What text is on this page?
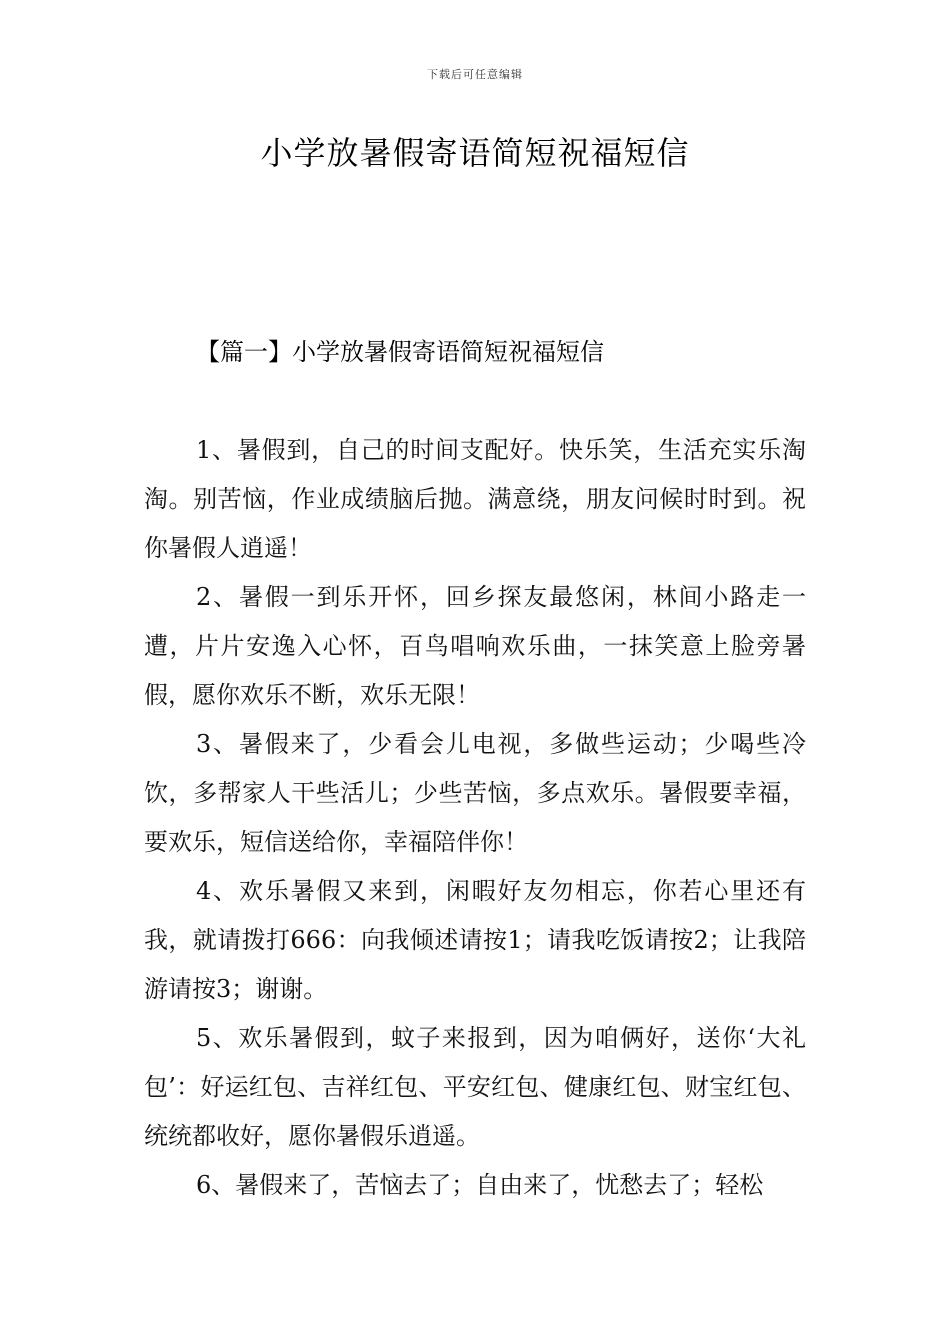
下载后可任意编辑
小学放暑假寄语简短祝福短信
【篇一】小学放暑假寄语简短祝福短信

1、暑假到，自己的时间支配好。快乐笑，生活充实乐淘淘。别苦恼，作业成绩脑后抛。满意绕，朋友问候时时到。祝你暑假人逍遥！

2、暑假一到乐开怀，回乡探友最悠闲，林间小路走一遭，片片安逸入心怀，百鸟唱响欢乐曲，一抹笑意上脸旁暑假，愿你欢乐不断，欢乐无限！

3、暑假来了，少看会儿电视，多做些运动；少喝些冷饮，多帮家人干些活儿；少些苦恼，多点欢乐。暑假要幸福，要欢乐，短信送给你，幸福陪伴你！

4、欢乐暑假又来到，闲暇好友勿相忘，你若心里还有我，就请拨打666：向我倾述请按1；请我吃饭请按2；让我陪游请按3；谢谢。

5、欢乐暑假到，蚊子来报到，因为咱俩好，送你‘大礼包’：好运红包、吉祥红包、平安红包、健康红包、财宝红包、统统都收好，愿你暑假乐逍遥。

6、暑假来了，苦恼去了；自由来了，忧愁去了；轻松
